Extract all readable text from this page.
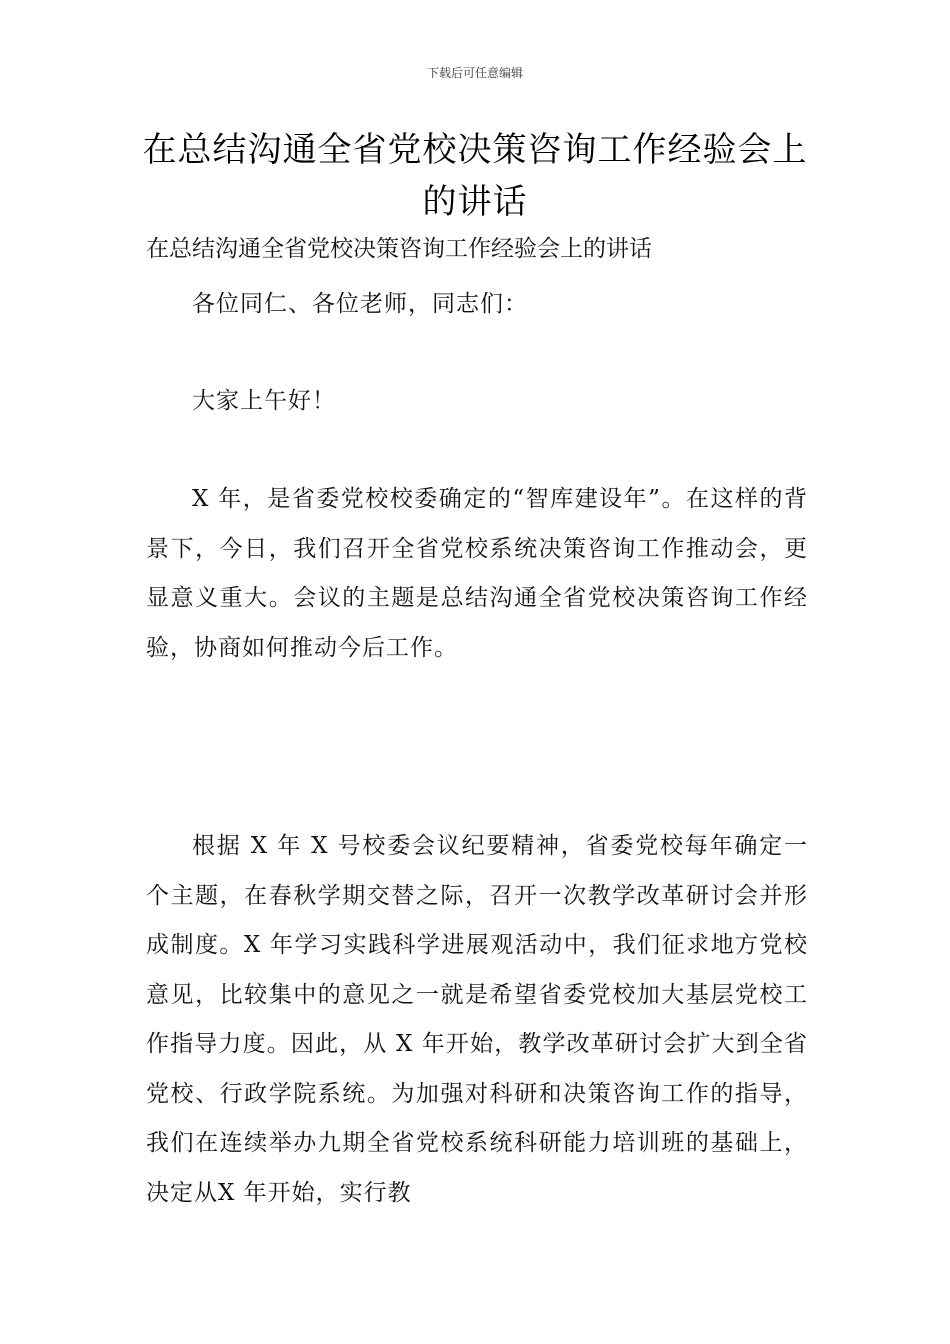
下载后可任意编辑
在总结沟通全省党校决策咨询工作经验会上的讲话
在总结沟通全省党校决策咨询工作经验会上的讲话

各位同仁、各位老师，同志们：

大家上午好！

X 年，是省委党校校委确定的“智库建设年”。在这样的背景下，今日，我们召开全省党校系统决策咨询工作推动会，更显意义重大。会议的主题是总结沟通全省党校决策咨询工作经验，协商如何推动今后工作。

根据 X 年 X 号校委会议纪要精神，省委党校每年确定一个主题，在春秋学期交替之际，召开一次教学改革研讨会并形成制度。X 年学习实践科学进展观活动中，我们征求地方党校意见，比较集中的意见之一就是希望省委党校加大基层党校工作指导力度。因此，从 X 年开始，教学改革研讨会扩大到全省党校、行政学院系统。为加强对科研和决策咨询工作的指导，我们在连续举办九期全省党校系统科研能力培训班的基础上，决定从X 年开始，实行教
